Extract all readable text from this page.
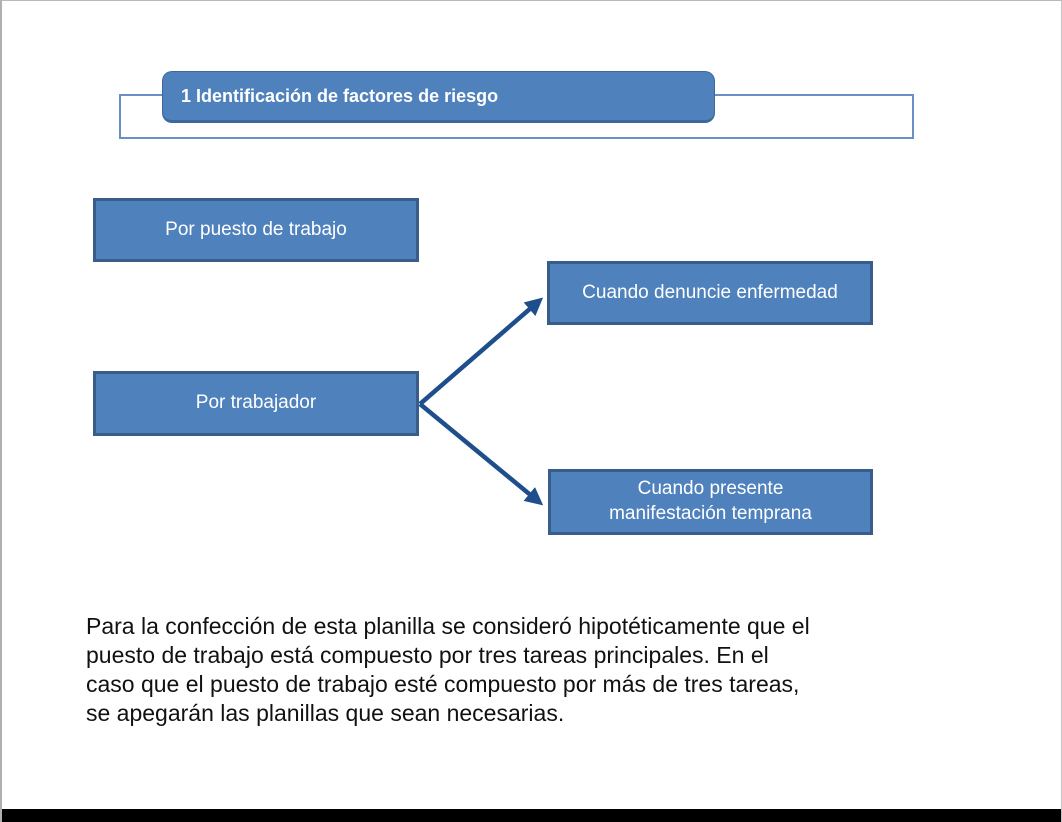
1 Identificación de factores de riesgo
Por puesto de trabajo
Por trabajador
Cuando denuncie enfermedad
Cuando presente
manifestación temprana
Para la confección de esta planilla se consideró hipotéticamente que el
puesto de trabajo está compuesto por tres tareas principales. En el
caso que el puesto de trabajo esté compuesto por más de tres tareas,
se apegarán las planillas que sean necesarias.
